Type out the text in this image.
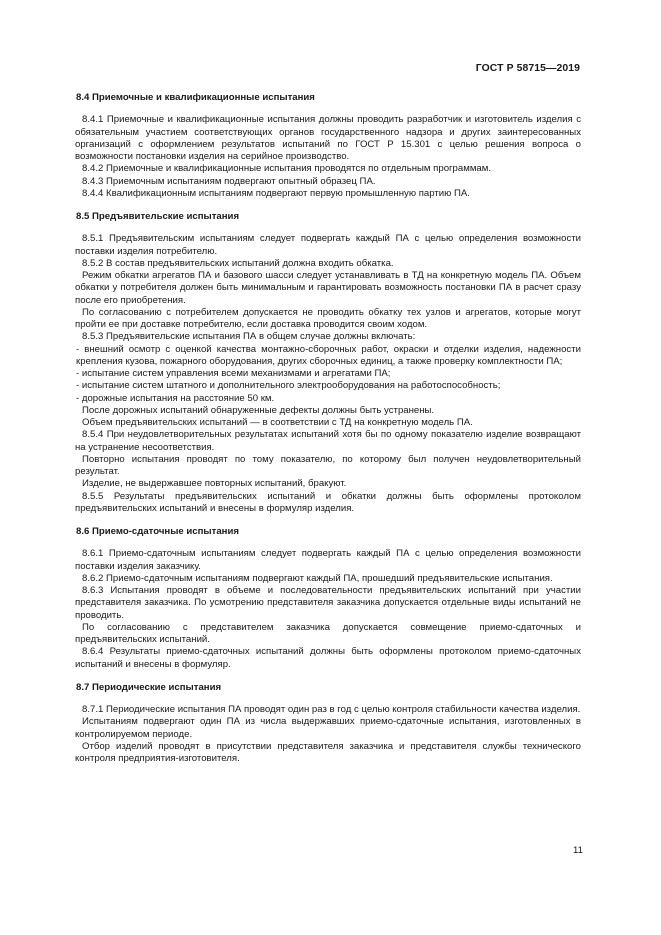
ГОСТ Р 58715—2019
8.4 Приемочные и квалификационные испытания

8.4.1 Приемочные и квалификационные испытания должны проводить разработчик и изготовитель изделия с обязательным участием соответствующих органов государственного надзора и других заинтересованных организаций с оформлением результатов испытаний по ГОСТ Р 15.301 с целью решения вопроса о возможности постановки изделия на серийное производство.

8.4.2 Приемочные и квалификационные испытания проводятся по отдельным программам.

8.4.3 Приемочным испытаниям подвергают опытный образец ПА.

8.4.4 Квалификационным испытаниям подвергают первую промышленную партию ПА.

8.5 Предъявительские испытания

8.5.1 Предъявительским испытаниям следует подвергать каждый ПА с целью определения возможности поставки изделия потребителю.

8.5.2 В состав предъявительских испытаний должна входить обкатка.

Режим обкатки агрегатов ПА и базового шасси следует устанавливать в ТД на конкретную модель ПА. Объем обкатки у потребителя должен быть минимальным и гарантировать возможность постановки ПА в расчет сразу после его приобретения.

По согласованию с потребителем допускается не проводить обкатку тех узлов и агрегатов, которые могут пройти ее при доставке потребителю, если доставка проводится своим ходом.

8.5.3 Предъявительские испытания ПА в общем случае должны включать:

- внешний осмотр с оценкой качества монтажно-сборочных работ, окраски и отделки изделия, надежности крепления кузова, пожарного оборудования, других сборочных единиц, а также проверку комплектности ПА;

- испытание систем управления всеми механизмами и агрегатами ПА;

- испытание систем штатного и дополнительного электрооборудования на работоспособность;

- дорожные испытания на расстояние 50 км.

После дорожных испытаний обнаруженные дефекты должны быть устранены.

Объем предъявительских испытаний — в соответствии с ТД на конкретную модель ПА.

8.5.4 При неудовлетворительных результатах испытаний хотя бы по одному показателю изделие возвращают на устранение несоответствия.

Повторно испытания проводят по тому показателю, по которому был получен неудовлетворительный результат.

Изделие, не выдержавшее повторных испытаний, бракуют.

8.5.5 Результаты предъявительских испытаний и обкатки должны быть оформлены протоколом предъявительских испытаний и внесены в формуляр изделия.

8.6 Приемо-сдаточные испытания

8.6.1 Приемо-сдаточным испытаниям следует подвергать каждый ПА с целью определения возможности поставки изделия заказчику.

8.6.2 Приемо-сдаточным испытаниям подвергают каждый ПА, прошедший предъявительские испытания.

8.6.3 Испытания проводят в объеме и последовательности предъявительских испытаний при участии представителя заказчика. По усмотрению представителя заказчика допускается отдельные виды испытаний не проводить.

По согласованию с представителем заказчика допускается совмещение приемо-сдаточных и предъявительских испытаний.

8.6.4 Результаты приемо-сдаточных испытаний должны быть оформлены протоколом приемо-сдаточных испытаний и внесены в формуляр.

8.7 Периодические испытания

8.7.1 Периодические испытания ПА проводят один раз в год с целью контроля стабильности качества изделия.

Испытаниям подвергают один ПА из числа выдержавших приемо-сдаточные испытания, изготовленных в контролируемом периоде.

Отбор изделий проводят в присутствии представителя заказчика и представителя службы технического контроля предприятия-изготовителя.

11
